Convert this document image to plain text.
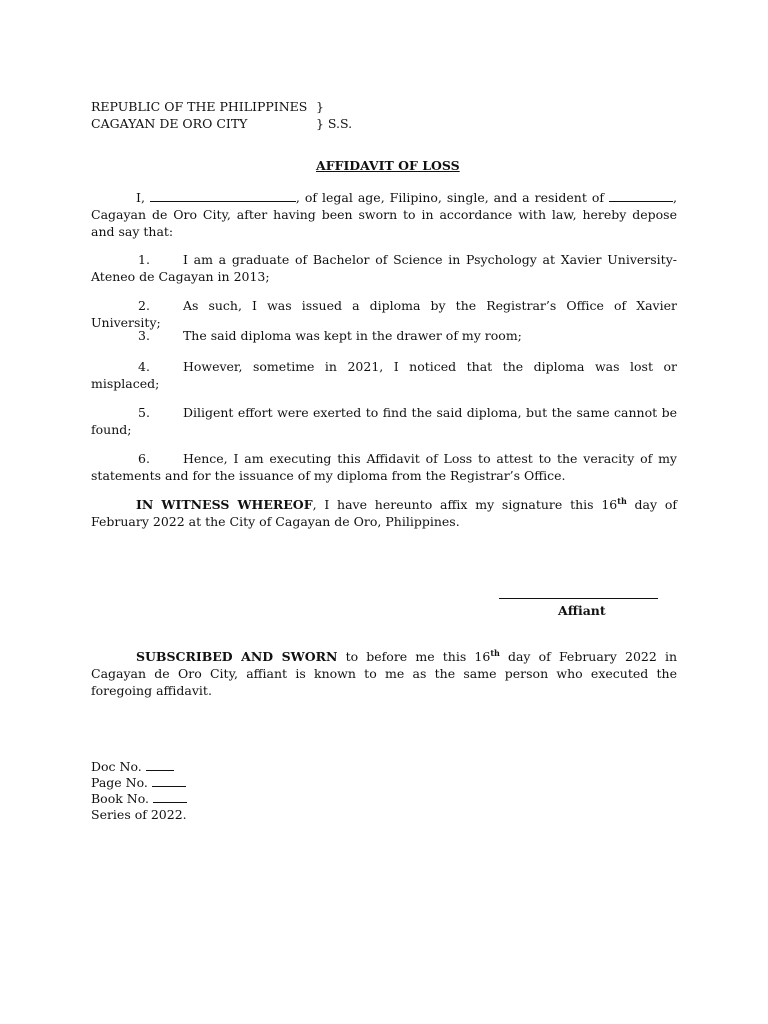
REPUBLIC OF THE PHILIPPINES }
CAGAYAN DE ORO CITY	} S.S.
AFFIDAVIT OF LOSS
I,	, of legal age, Filipino, single, and a resident of	, Cagayan de Oro City, after having been sworn to in accordance with law, hereby depose and say that:
1.	I am a graduate of Bachelor of Science in Psychology at Xavier University-Ateneo de Cagayan in 2013;
2.	As such, I was issued a diploma by the Registrar’s Office of Xavier University;
3.	The said diploma was kept in the drawer of my room;
4.	However, sometime in 2021, I noticed that the diploma was lost or misplaced;
5.	Diligent effort were exerted to find the said diploma, but the same cannot be found;
6.	Hence, I am executing this Affidavit of Loss to attest to the veracity of my statements and for the issuance of my diploma from the Registrar’s Office.
IN WITNESS WHEREOF, I have hereunto affix my signature this 16th day of February 2022 at the City of Cagayan de Oro, Philippines.
Affiant
SUBSCRIBED AND SWORN to before me this 16th day of February 2022 in Cagayan de Oro City, affiant is known to me as the same person who executed the foregoing affidavit.
Doc No.
Page No.
Book No.
Series of 2022.
